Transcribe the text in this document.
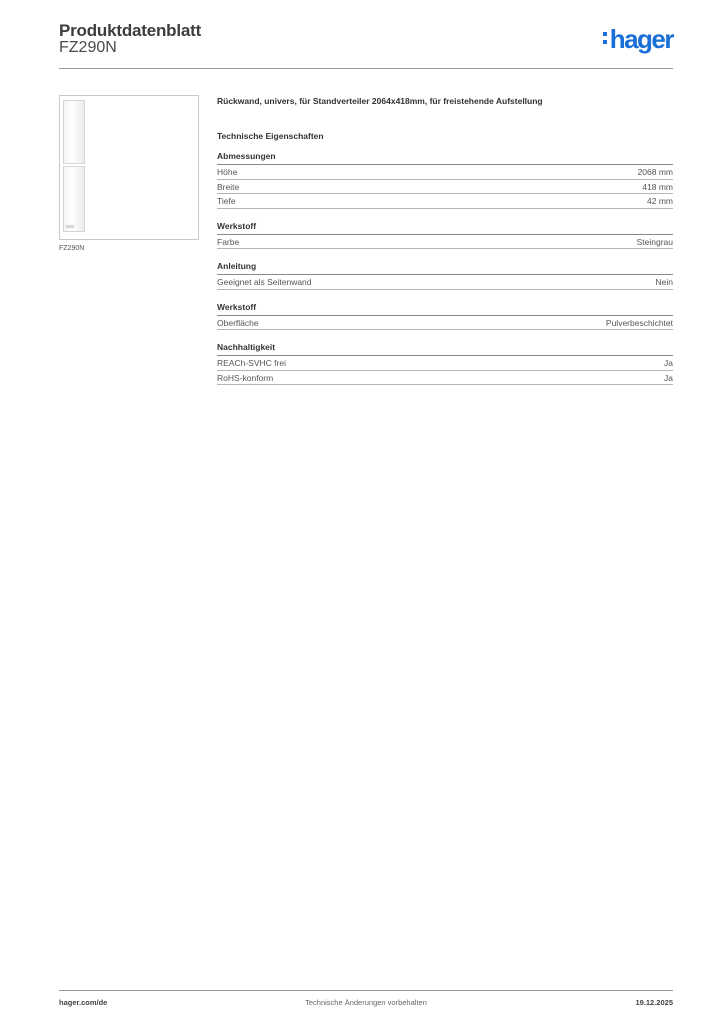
Produktdatenblatt
FZ290N	hager
FZ290N
Rückwand, univers, für Standverteiler 2064x418mm, für freistehende Aufstellung
Technische Eigenschaften
Abmessungen
Höhe	2068 mm
Breite	418 mm
Tiefe	42 mm
Werkstoff
Farbe	Steingrau
Anleitung
Geeignet als Seitenwand	Nein
Werkstoff
Oberfläche	Pulverbeschichtet
Nachhaltigkeit
REACh-SVHC frei	Ja
RoHS-konform	Ja
hager.com/de	Technische Änderungen vorbehalten	19.12.2025
